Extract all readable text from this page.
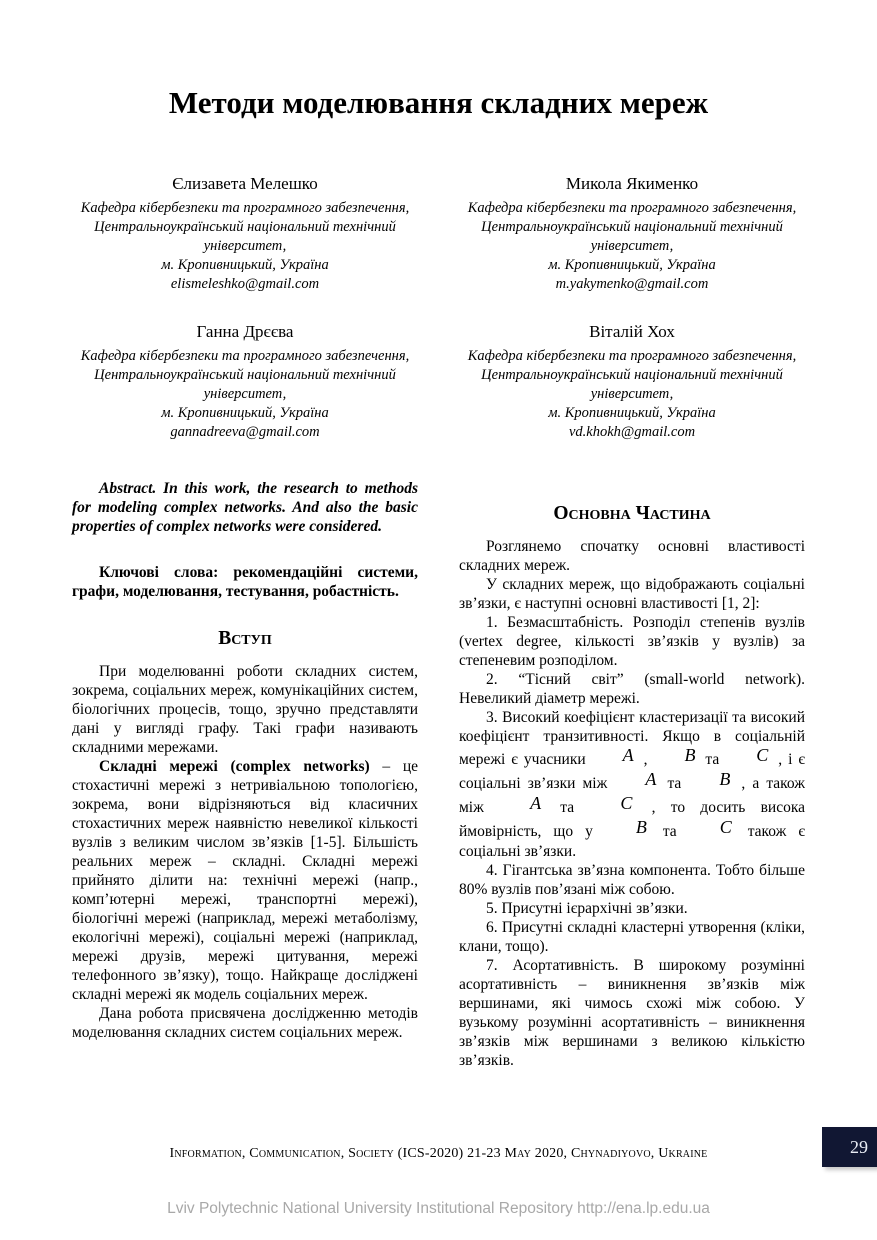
Методи моделювання складних мереж
Єлизавета Мелешко
Кафедра кібербезпеки та програмного забезпечення,
Центральноукраїнський національний технічний
університет,
м. Кропивницький, Україна
elismeleshko@gmail.com
Ганна Дрєєва
Кафедра кібербезпеки та програмного забезпечення,
Центральноукраїнський національний технічний
університет,
м. Кропивницький, Україна
gannadreeva@gmail.com

Abstract. In this work, the research to methods for modeling complex networks. And also the basic properties of complex networks were considered.

Ключові слова: рекомендаційні системи, графи, моделювання, тестування, робастність.

Вступ

При моделюванні роботи складних систем, зокрема, соціальних мереж, комунікаційних систем, біологічних процесів, тощо, зручно представляти дані у вигляді графу. Такі графи називають складними мережами.

Складні мережі (complex networks) – це стохастичні мережі з нетривіальною топологією, зокрема, вони відрізняються від класичних стохастичних мереж наявністю невеликої кількості вузлів з великим числом зв’язків [1-5]. Більшість реальних мереж – складні. Складні мережі прийнято ділити на: технічні мережі (напр., комп’ютерні мережі, транспортні мережі), біологічні мережі (наприклад, мережі метаболізму, екологічні мережі), соціальні мережі (наприклад, мережі друзів, мережі цитування, мережі телефонного зв’язку), тощо. Найкраще досліджені складні мережі як модель соціальних мереж.

Дана робота присвячена дослідженню методів моделювання складних систем соціальних мереж.

Микола Якименко
Кафедра кібербезпеки та програмного забезпечення,
Центральноукраїнський національний технічний
університет,
м. Кропивницький, Україна
m.yakymenko@gmail.com
Віталій Хох
Кафедра кібербезпеки та програмного забезпечення,
Центральноукраїнський національний технічний
університет,
м. Кропивницький, Україна
vd.khokh@gmail.com
Основна Частина

Розглянемо спочатку основні властивості складних мереж.

У складних мереж, що відображають соціальні зв’язки, є наступні основні властивості [1, 2]:

1. Безмасштабність. Розподіл степенів вузлів (vertex degree, кількості зв’язків у вузлів) за степеневим розподілом.

2. “Тісний світ” (small-world network). Невеликий діаметр мережі.

3. Високий коефіцієнт кластеризації та високий коефіцієнт транзитивності. Якщо в соціальній мережі є учасники A , B та C , і є соціальні зв’язки між A та B , а також між A та C , то досить висока ймовірність, що у B та C також є соціальні зв’язки.

4. Гігантська зв’язна компонента. Тобто більше 80% вузлів пов’язані між собою.

5. Присутні ієрархічні зв’язки.

6. Присутні складні кластерні утворення (кліки, клани, тощо).

7. Асортативність. В широкому розумінні асортативність – виникнення зв’язків між вершинами, які чимось схожі між собою. У вузькому розумінні асортативність – виникнення зв’язків між вершинами з великою кількістю зв’язків.

Information, Communication, Society (ICS-2020) 21-23 May 2020, Chynadiyovo, Ukraine	29
Lviv Polytechnic National University Institutional Repository http://ena.lp.edu.ua
